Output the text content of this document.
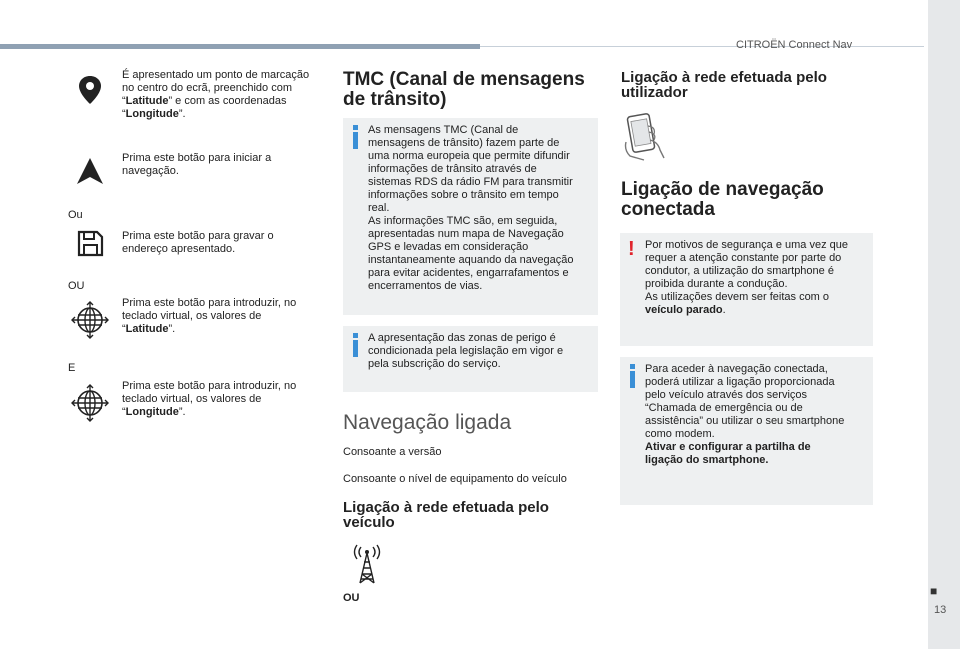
CITROËN Connect Nav
■
13
É apresentado um ponto de marcação no centro do ecrã, preenchido com “Latitude” e com as coordenadas “Longitude”.
Prima este botão para iniciar a navegação.
Ou
Prima este botão para gravar o endereço apresentado.
OU
Prima este botão para introduzir, no teclado virtual, os valores de “Latitude”.
E
Prima este botão para introduzir, no teclado virtual, os valores de “Longitude”.
TMC (Canal de mensagens
de trânsito)
As mensagens TMC (Canal de
mensagens de trânsito) fazem parte de
uma norma europeia que permite difundir
informações de trânsito através de
sistemas RDS da rádio FM para transmitir
informações sobre o trânsito em tempo
real.
As informações TMC são, em seguida,
apresentadas num mapa de Navegação
GPS e levadas em consideração
instantaneamente aquando da navegação
para evitar acidentes, engarrafamentos e
encerramentos de vias.
A apresentação das zonas de perigo é
condicionada pela legislação em vigor e
pela subscrição do serviço.
Navegação ligada
Consoante a versão
Consoante o nível de equipamento do veículo
Ligação à rede efetuada pelo
veículo
OU
Ligação à rede efetuada pelo
utilizador
Ligação de navegação
conectada
! Por motivos de segurança e uma vez que
requer a atenção constante por parte do
condutor, a utilização do smartphone é
proibida durante a condução.
As utilizações devem ser feitas com o
veículo parado.
Para aceder à navegação conectada,
poderá utilizar a ligação proporcionada
pelo veículo através dos serviços
“Chamada de emergência ou de
assistência” ou utilizar o seu smartphone
como modem.
Ativar e configurar a partilha de
ligação do smartphone.
